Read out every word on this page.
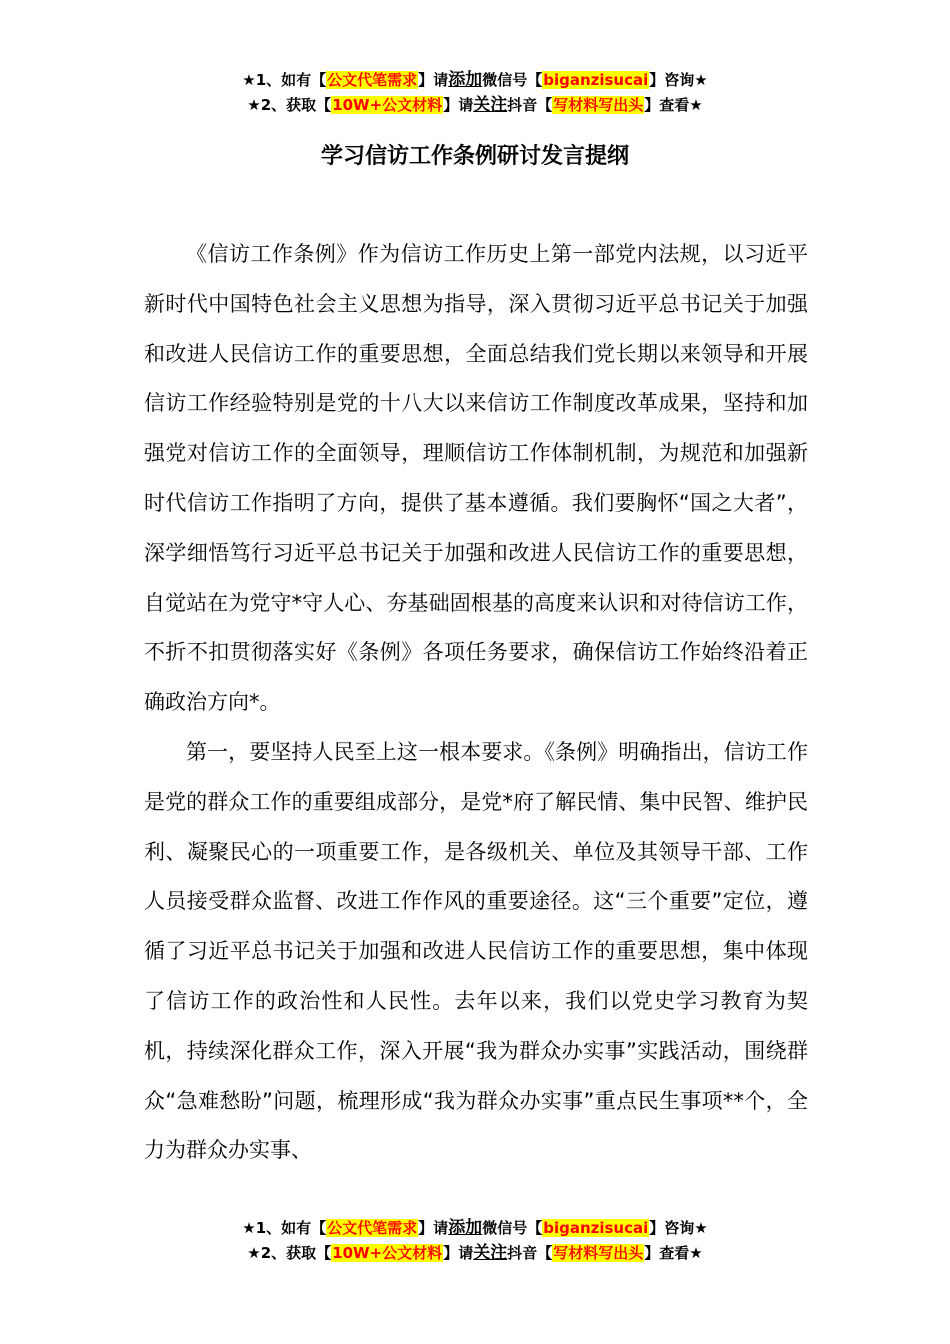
★1、如有【公文代笔需求】请添加微信号【biganzisucai】咨询★
★2、获取【10W+公文材料】请关注抖音【写材料写出头】查看★
学习信访工作条例研讨发言提纲

《信访工作条例》作为信访工作历史上第一部党内法规，以习近平新时代中国特色社会主义思想为指导，深入贯彻习近平总书记关于加强和改进人民信访工作的重要思想，全面总结我们党长期以来领导和开展信访工作经验特别是党的十八大以来信访工作制度改革成果，坚持和加强党对信访工作的全面领导，理顺信访工作体制机制，为规范和加强新时代信访工作指明了方向，提供了基本遵循。我们要胸怀“国之大者”，深学细悟笃行习近平总书记关于加强和改进人民信访工作的重要思想，自觉站在为党守*守人心、夯基础固根基的高度来认识和对待信访工作，不折不扣贯彻落实好《条例》各项任务要求，确保信访工作始终沿着正确政治方向*。

第一，要坚持人民至上这一根本要求。《条例》明确指出，信访工作是党的群众工作的重要组成部分，是党*府了解民情、集中民智、维护民利、凝聚民心的一项重要工作，是各级机关、单位及其领导干部、工作人员接受群众监督、改进工作作风的重要途径。这“三个重要”定位，遵循了习近平总书记关于加强和改进人民信访工作的重要思想，集中体现了信访工作的政治性和人民性。去年以来，我们以党史学习教育为契机，持续深化群众工作，深入开展“我为群众办实事”实践活动，围绕群众“急难愁盼”问题，梳理形成“我为群众办实事”重点民生事项**个，全力为群众办实事、

★1、如有【公文代笔需求】请添加微信号【biganzisucai】咨询★
★2、获取【10W+公文材料】请关注抖音【写材料写出头】查看★
